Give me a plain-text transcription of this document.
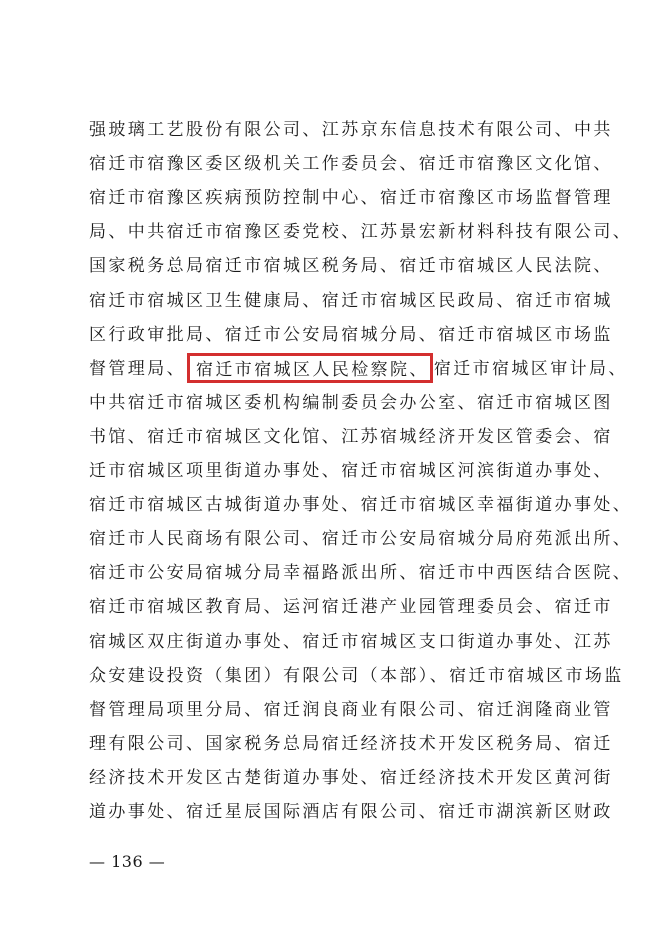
强玻璃工艺股份有限公司、江苏京东信息技术有限公司、中共
宿迁市宿豫区委区级机关工作委员会、宿迁市宿豫区文化馆、
宿迁市宿豫区疾病预防控制中心、宿迁市宿豫区市场监督管理
局、中共宿迁市宿豫区委党校、江苏景宏新材料科技有限公司、
国家税务总局宿迁市宿城区税务局、宿迁市宿城区人民法院、
宿迁市宿城区卫生健康局、宿迁市宿城区民政局、宿迁市宿城
区行政审批局、宿迁市公安局宿城分局、宿迁市宿城区市场监
督管理局、 宿迁市宿城区人民检察院、 宿迁市宿城区审计局、
中共宿迁市宿城区委机构编制委员会办公室、宿迁市宿城区图
书馆、宿迁市宿城区文化馆、江苏宿城经济开发区管委会、宿
迁市宿城区项里街道办事处、宿迁市宿城区河滨街道办事处、
宿迁市宿城区古城街道办事处、宿迁市宿城区幸福街道办事处、
宿迁市人民商场有限公司、宿迁市公安局宿城分局府苑派出所、
宿迁市公安局宿城分局幸福路派出所、宿迁市中西医结合医院、
宿迁市宿城区教育局、运河宿迁港产业园管理委员会、宿迁市
宿城区双庄街道办事处、宿迁市宿城区支口街道办事处、江苏
众安建设投资（集团）有限公司（本部）、宿迁市宿城区市场监
督管理局项里分局、宿迁润良商业有限公司、宿迁润隆商业管
理有限公司、国家税务总局宿迁经济技术开发区税务局、宿迁
经济技术开发区古楚街道办事处、宿迁经济技术开发区黄河街
道办事处、宿迁星辰国际酒店有限公司、宿迁市湖滨新区财政
— 136 —
